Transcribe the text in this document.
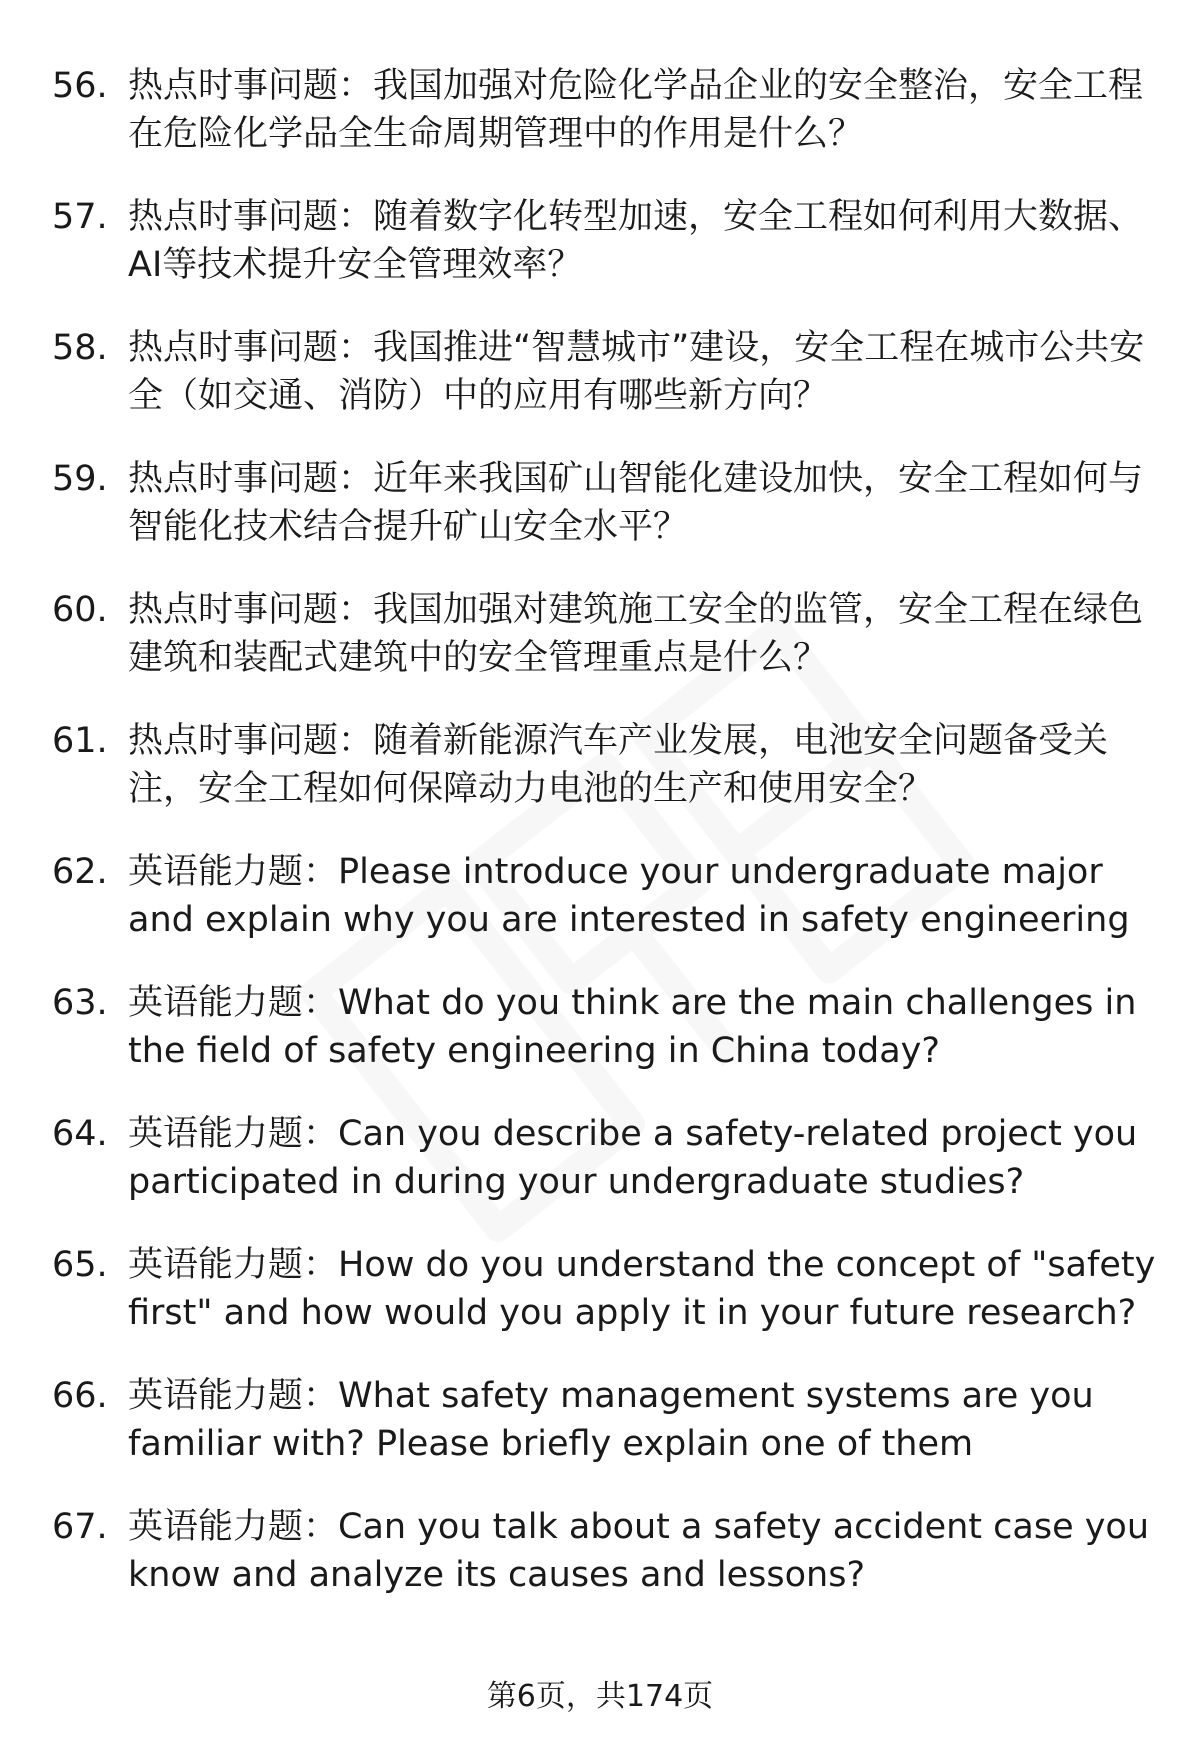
56. 热点时事问题：我国加强对危险化学品企业的安全整治，安全工程在危险化学品全生命周期管理中的作用是什么？
57. 热点时事问题：随着数字化转型加速，安全工程如何利用大数据、AI等技术提升安全管理效率？
58. 热点时事问题：我国推进“智慧城市”建设，安全工程在城市公共安全（如交通、消防）中的应用有哪些新方向？
59. 热点时事问题：近年来我国矿山智能化建设加快，安全工程如何与智能化技术结合提升矿山安全水平？
60. 热点时事问题：我国加强对建筑施工安全的监管，安全工程在绿色建筑和装配式建筑中的安全管理重点是什么？
61. 热点时事问题：随着新能源汽车产业发展，电池安全问题备受关注，安全工程如何保障动力电池的生产和使用安全？
62. 英语能力题：Please introduce your undergraduate major and explain why you are interested in safety engineering
63. 英语能力题：What do you think are the main challenges in the field of safety engineering in China today?
64. 英语能力题：Can you describe a safety-related project you participated in during your undergraduate studies?
65. 英语能力题：How do you understand the concept of "safety first" and how would you apply it in your future research?
66. 英语能力题：What safety management systems are you familiar with? Please briefly explain one of them
67. 英语能力题：Can you talk about a safety accident case you know and analyze its causes and lessons?
第6页，共174页
